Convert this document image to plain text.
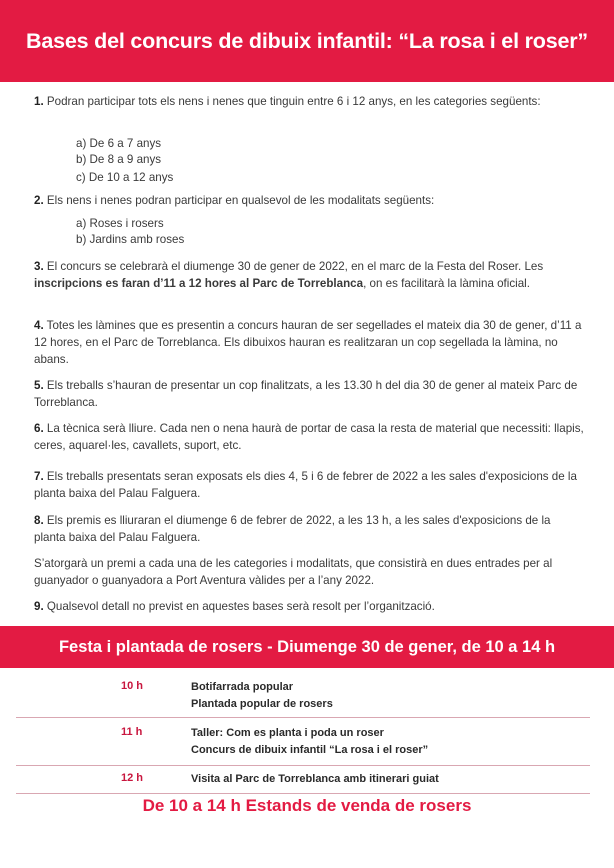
Bases del concurs de dibuix infantil: “La rosa i el roser”
1. Podran participar tots els nens i nenes que tinguin entre 6 i 12 anys, en les categories següents:
a) De 6 a 7 anys
b) De 8 a 9 anys
c) De 10 a 12 anys
2. Els nens i nenes podran participar en qualsevol de les modalitats següents:
a) Roses i rosers
b) Jardins amb roses
3. El concurs se celebrarà el diumenge 30 de gener de 2022, en el marc de la Festa del Roser. Les inscripcions es faran d’11 a 12 hores al Parc de Torreblanca, on es facilitarà la làmina oficial.
4. Totes les làmines que es presentin a concurs hauran de ser segellades el mateix dia 30 de gener, d’11 a 12 hores, en el Parc de Torreblanca. Els dibuixos hauran es realitzaran un cop segellada la làmina, no abans.
5. Els treballs s’hauran de presentar un cop finalitzats, a les 13.30 h del dia 30 de gener al mateix Parc de Torreblanca.
6. La tècnica serà lliure. Cada nen o nena haurà de portar de casa la resta de material que necessiti: llapis, ceres, aquarel·les, cavallets, suport, etc.
7. Els treballs presentats seran exposats els dies 4, 5 i 6 de febrer de 2022 a les sales d'exposicions de la planta baixa del Palau Falguera.
8. Els premis es lliuraran el diumenge 6 de febrer de 2022, a les 13 h, a les sales d'exposicions de la planta baixa del Palau Falguera.
S’atorgarà un premi a cada una de les categories i modalitats, que consistirà en dues entrades per al guanyador o guanyadora a Port Aventura vàlides per a l’any 2022.
9. Qualsevol detall no previst en aquestes bases serà resolt per l’organització.
Festa i plantada de rosers - Diumenge 30 de gener, de 10 a 14 h
10 h	Botifarrada popular
Plantada popular de rosers
11 h	Taller: Com es planta i poda un roser
Concurs de dibuix infantil “La rosa i el roser”
12 h	Visita al Parc de Torreblanca amb itinerari guiat
De 10 a 14 h Estands de venda de rosers
